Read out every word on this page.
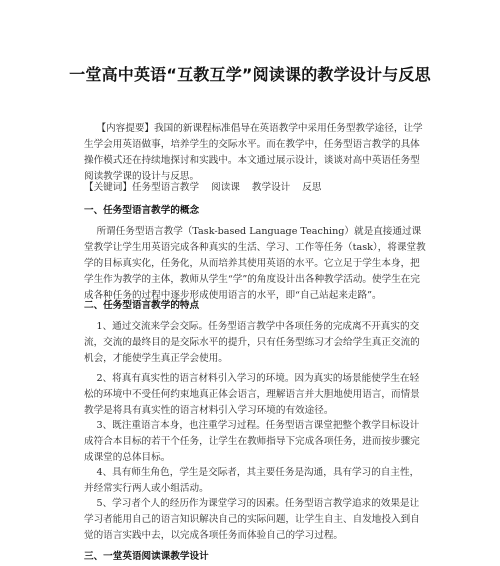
一堂高中英语“互教互学”阅读课的教学设计与反思
【内容提要】我国的新课程标准倡导在英语教学中采用任务型教学途径，让学生学会用英语做事，培养学生的交际水平。而在教学中，任务型语言教学的具体操作模式还在持续地探讨和实践中。本文通过展示设计，谈谈对高中英语任务型阅读教学课的设计与反思。
【关键词】任务型语言教学 阅读课 教学设计 反思
一、任务型语言教学的概念
所谓任务型语言教学（Task-based Language Teaching）就是直接通过课堂教学让学生用英语完成各种真实的生活、学习、工作等任务（task），将课堂教学的目标真实化，任务化，从而培养其使用英语的水平。它立足于学生本身，把学生作为教学的主体，教师从学生“学”的角度设计出各种教学活动。使学生在完成各种任务的过程中逐步形成使用语言的水平，即“自己站起来走路”。
二、任务型语言教学的特点
1、通过交流来学会交际。任务型语言教学中各项任务的完成离不开真实的交流，交流的最终目的是交际水平的提升，只有任务型练习才会给学生真正交流的机会，才能使学生真正学会使用。
2、将真有真实性的语言材料引入学习的环境。因为真实的场景能使学生在轻松的环境中不受任何约束地真正体会语言，理解语言并大胆地使用语言，而情景教学是将具有真实性的语言材料引入学习环境的有效途径。
3、既注重语言本身，也注重学习过程。任务型语言课堂把整个教学目标设计成符合本目标的若干个任务，让学生在教师指导下完成各项任务，进而按步骤完成课堂的总体目标。
4、具有师生角色，学生是交际者，其主要任务是沟通，具有学习的自主性，并经常实行两人或小组活动。
5、学习者个人的经历作为课堂学习的因素。任务型语言教学追求的效果是让学习者能用自己的语言知识解决自己的实际问题，让学生自主、自发地投入到自觉的语言实践中去，以完成各项任务而体验自己的学习过程。
三、一堂英语阅读课教学设计
